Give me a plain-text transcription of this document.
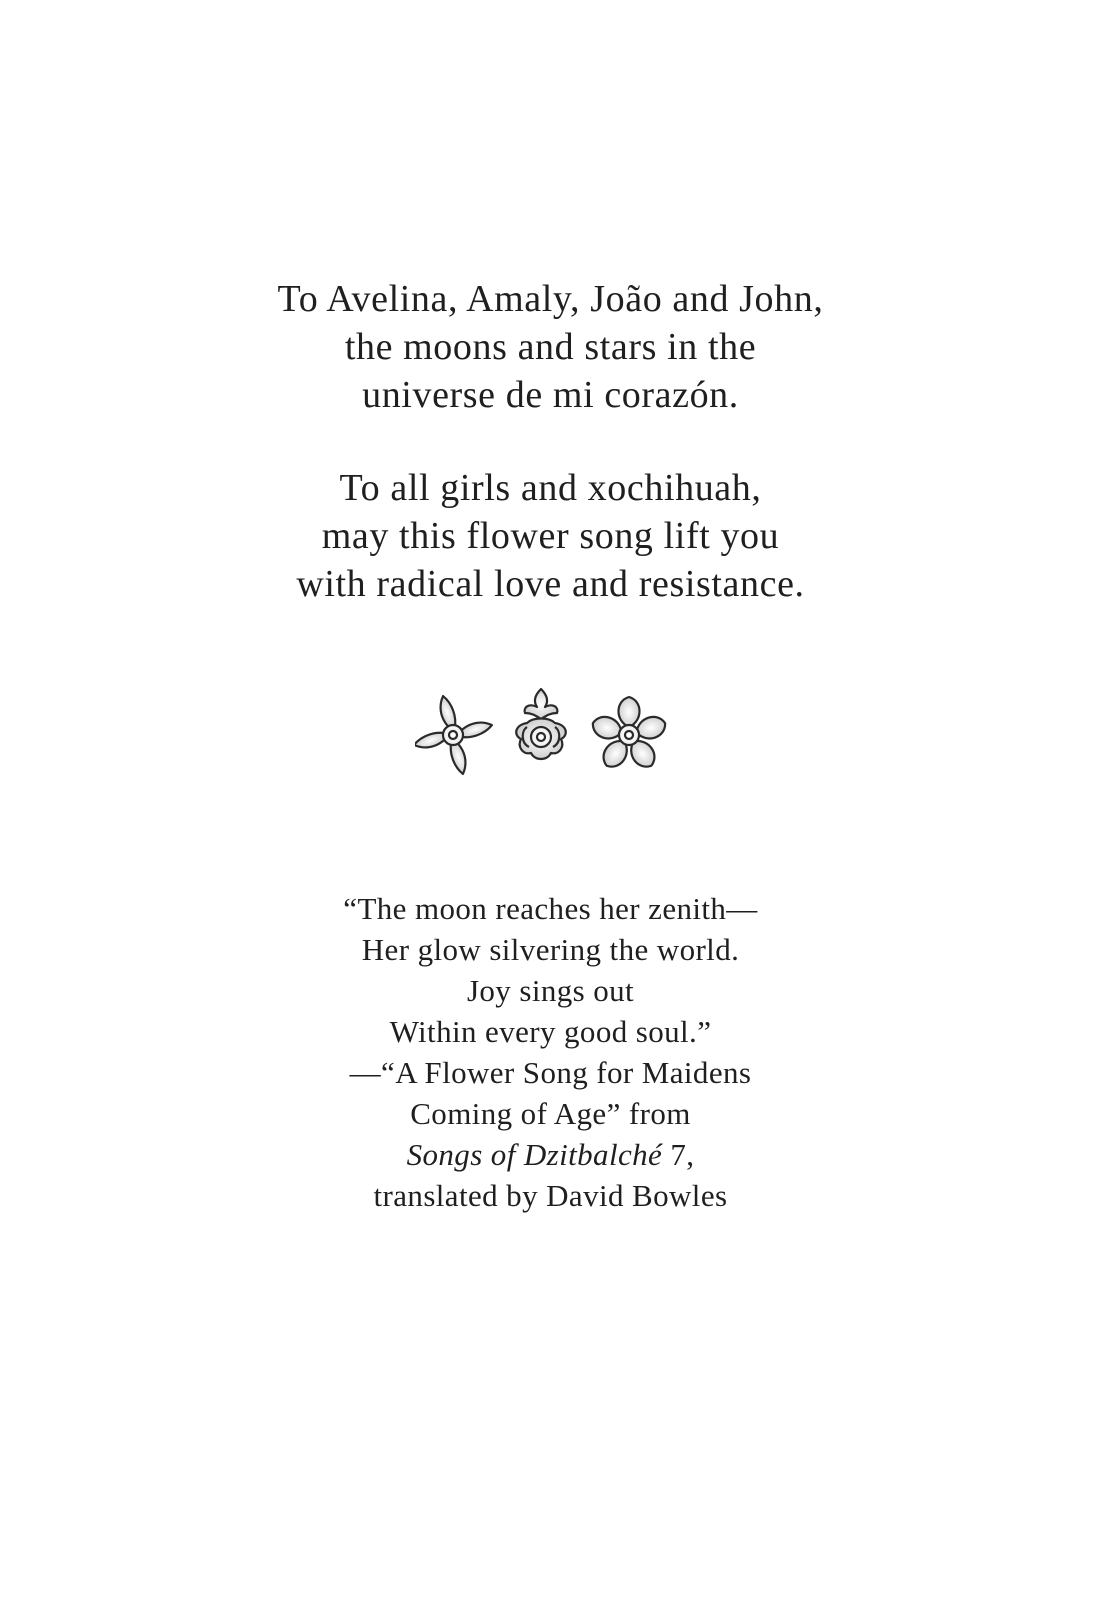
To Avelina, Amaly, João and John,
the moons and stars in the
universe de mi corazón.

To all girls and xochihuah,
may this flower song lift you
with radical love and resistance.

“The moon reaches her zenith—
Her glow silvering the world.
Joy sings out
Within every good soul.”
—“A Flower Song for Maidens
Coming of Age” from
Songs of Dzitbalché 7,
translated by David Bowles
